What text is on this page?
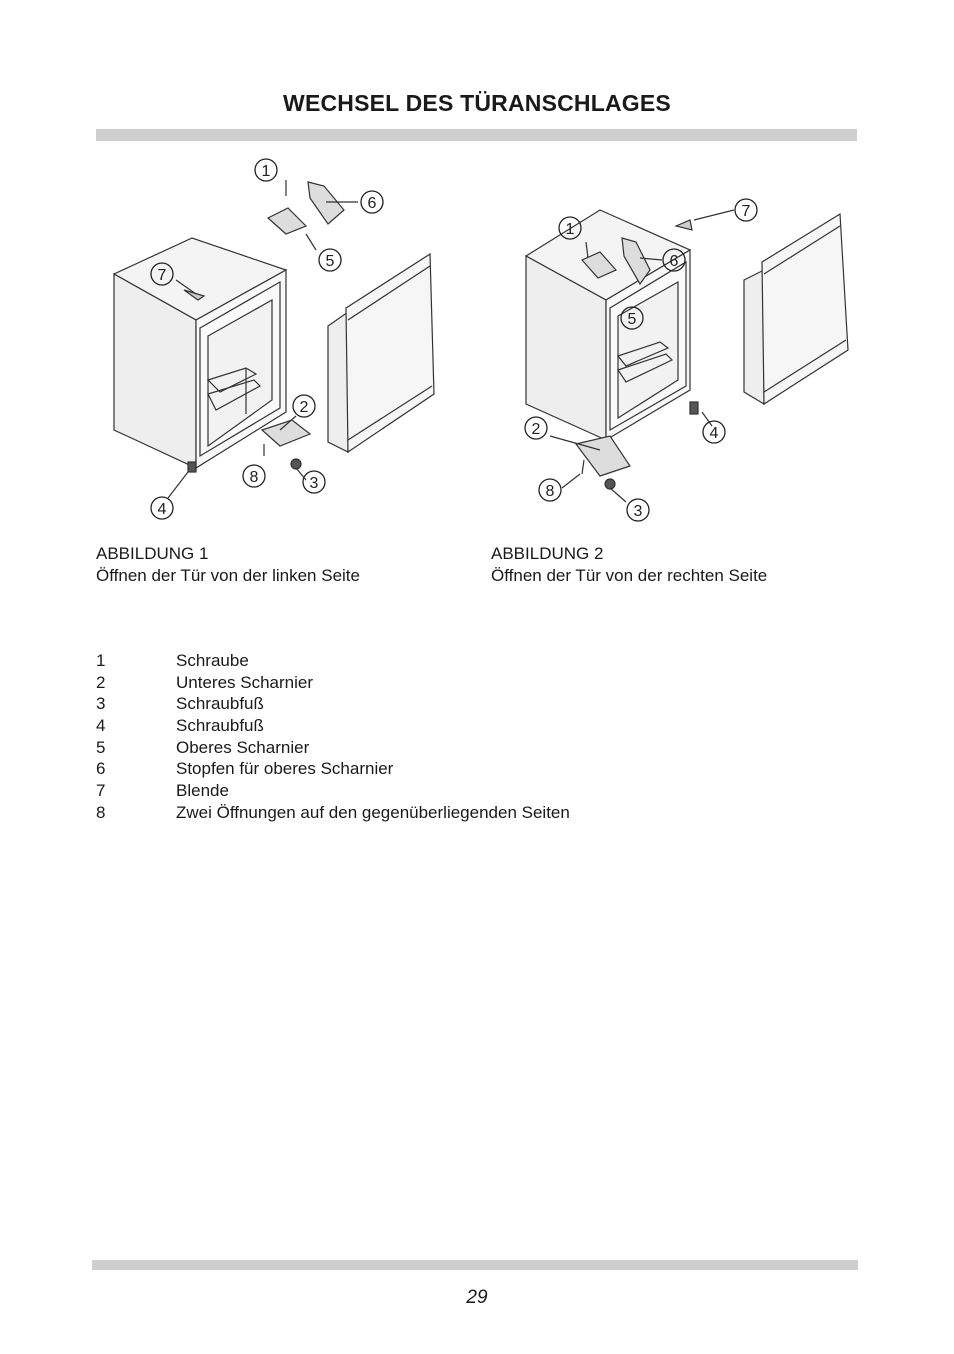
WECHSEL DES TÜRANSCHLAGES
1
2
3
4
5
6
7
8
1
2
3
4
5
6
7
8
ABBILDUNG 1
Öffnen der Tür von der linken Seite
ABBILDUNG 2
Öffnen der Tür von der rechten Seite
1	Schraube
2	Unteres Scharnier
3	Schraubfuß
4	Schraubfuß
5	Oberes Scharnier
6	Stopfen für oberes Scharnier
7	Blende
8	Zwei Öffnungen auf den gegenüberliegenden Seiten
29
